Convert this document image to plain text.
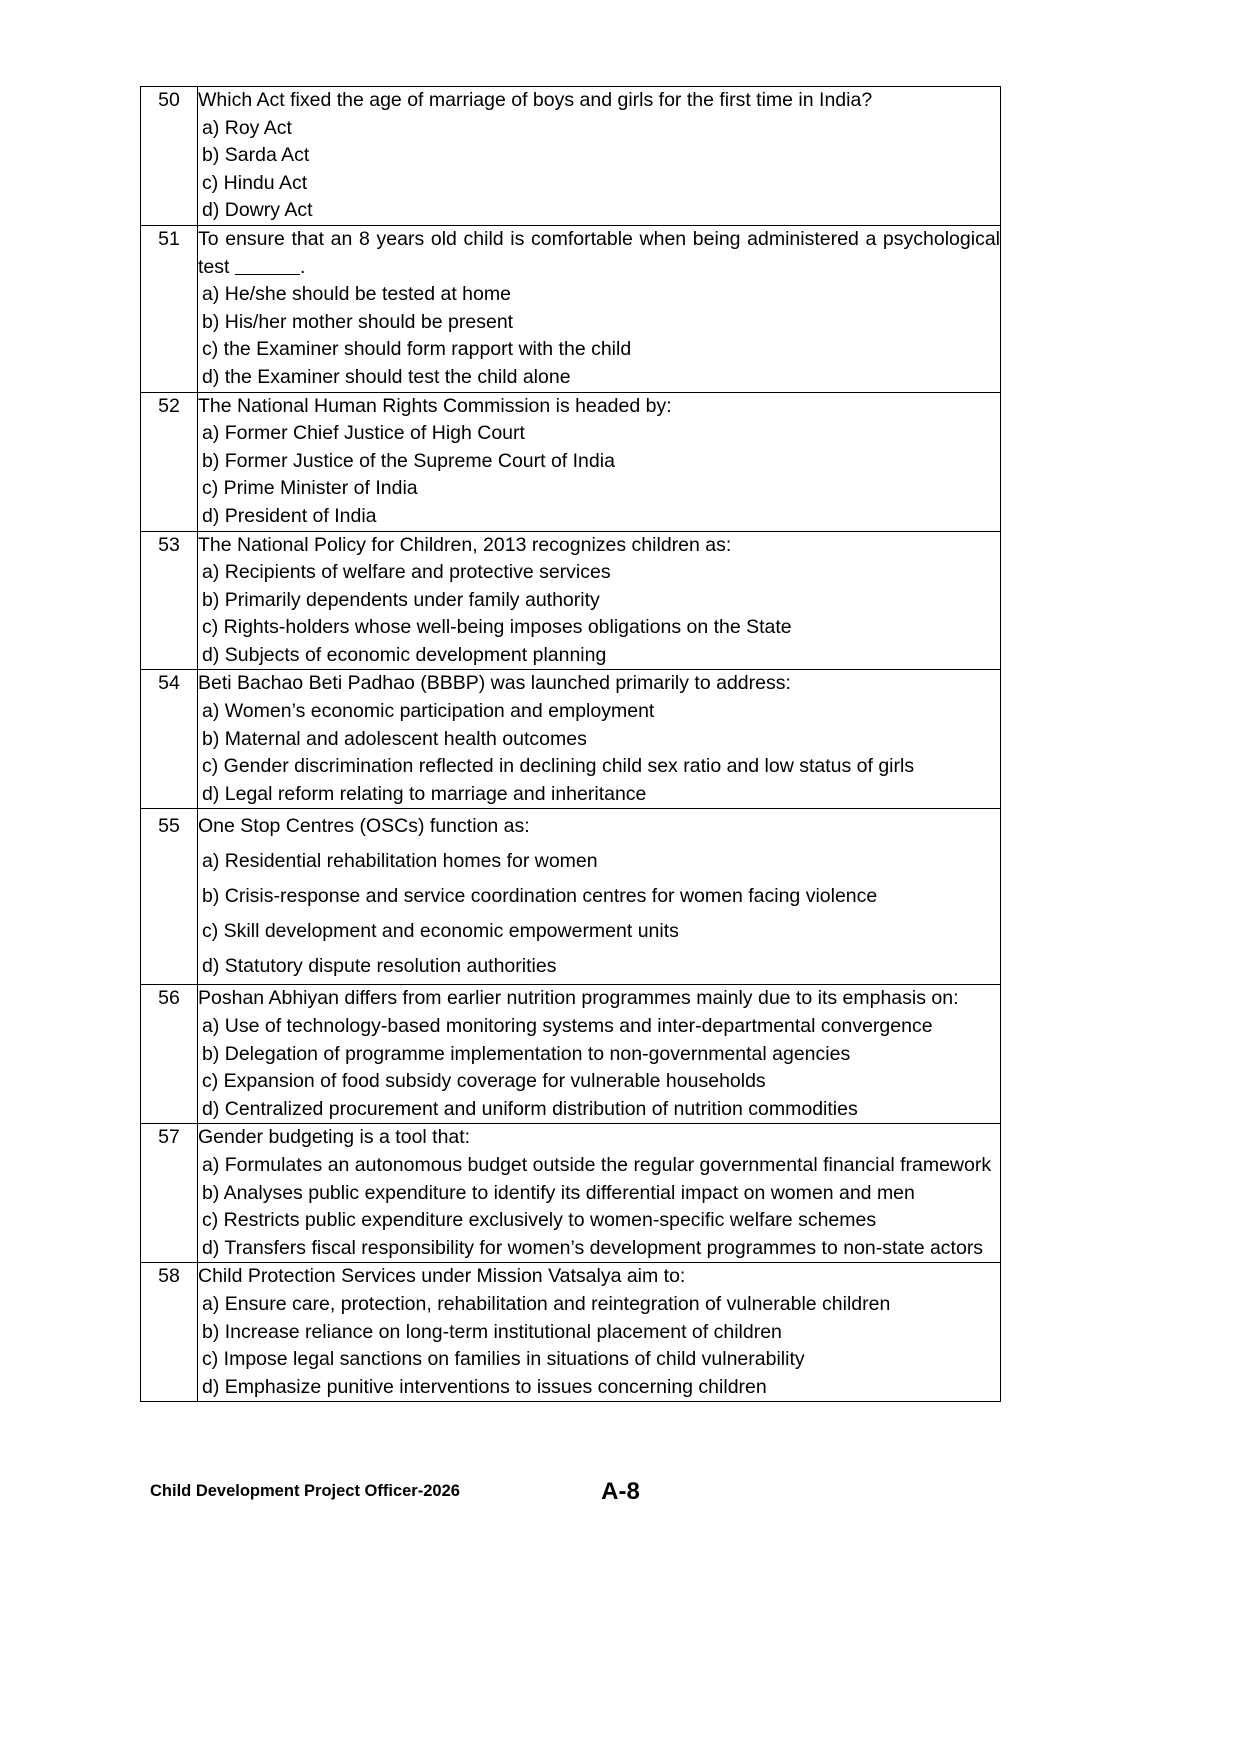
50	Which Act fixed the age of marriage of boys and girls for the first time in India?

a) Roy Act

b) Sarda Act

c) Hindu Act

d) Dowry Act

51	To ensure that an 8 years old child is comfortable when being administered a psychological test .

a) He/she should be tested at home

b) His/her mother should be present

c) the Examiner should form rapport with the child

d) the Examiner should test the child alone

52	The National Human Rights Commission is headed by:

a) Former Chief Justice of High Court

b) Former Justice of the Supreme Court of India

c) Prime Minister of India

d) President of India

53	The National Policy for Children, 2013 recognizes children as:

a) Recipients of welfare and protective services

b) Primarily dependents under family authority

c) Rights-holders whose well-being imposes obligations on the State

d) Subjects of economic development planning

54	Beti Bachao Beti Padhao (BBBP) was launched primarily to address:

a) Women’s economic participation and employment

b) Maternal and adolescent health outcomes

c) Gender discrimination reflected in declining child sex ratio and low status of girls

d) Legal reform relating to marriage and inheritance

55	One Stop Centres (OSCs) function as:

a) Residential rehabilitation homes for women

b) Crisis-response and service coordination centres for women facing violence

c) Skill development and economic empowerment units

d) Statutory dispute resolution authorities

56	Poshan Abhiyan differs from earlier nutrition programmes mainly due to its emphasis on:

a) Use of technology-based monitoring systems and inter-departmental convergence

b) Delegation of programme implementation to non-governmental agencies

c) Expansion of food subsidy coverage for vulnerable households

d) Centralized procurement and uniform distribution of nutrition commodities

57	Gender budgeting is a tool that:

a) Formulates an autonomous budget outside the regular governmental financial framework

b) Analyses public expenditure to identify its differential impact on women and men

c) Restricts public expenditure exclusively to women-specific welfare schemes

d) Transfers fiscal responsibility for women’s development programmes to non-state actors

58	Child Protection Services under Mission Vatsalya aim to:

a) Ensure care, protection, rehabilitation and reintegration of vulnerable children

b) Increase reliance on long-term institutional placement of children

c) Impose legal sanctions on families in situations of child vulnerability

d) Emphasize punitive interventions to issues concerning children

Child Development Project Officer-2026	A-8
